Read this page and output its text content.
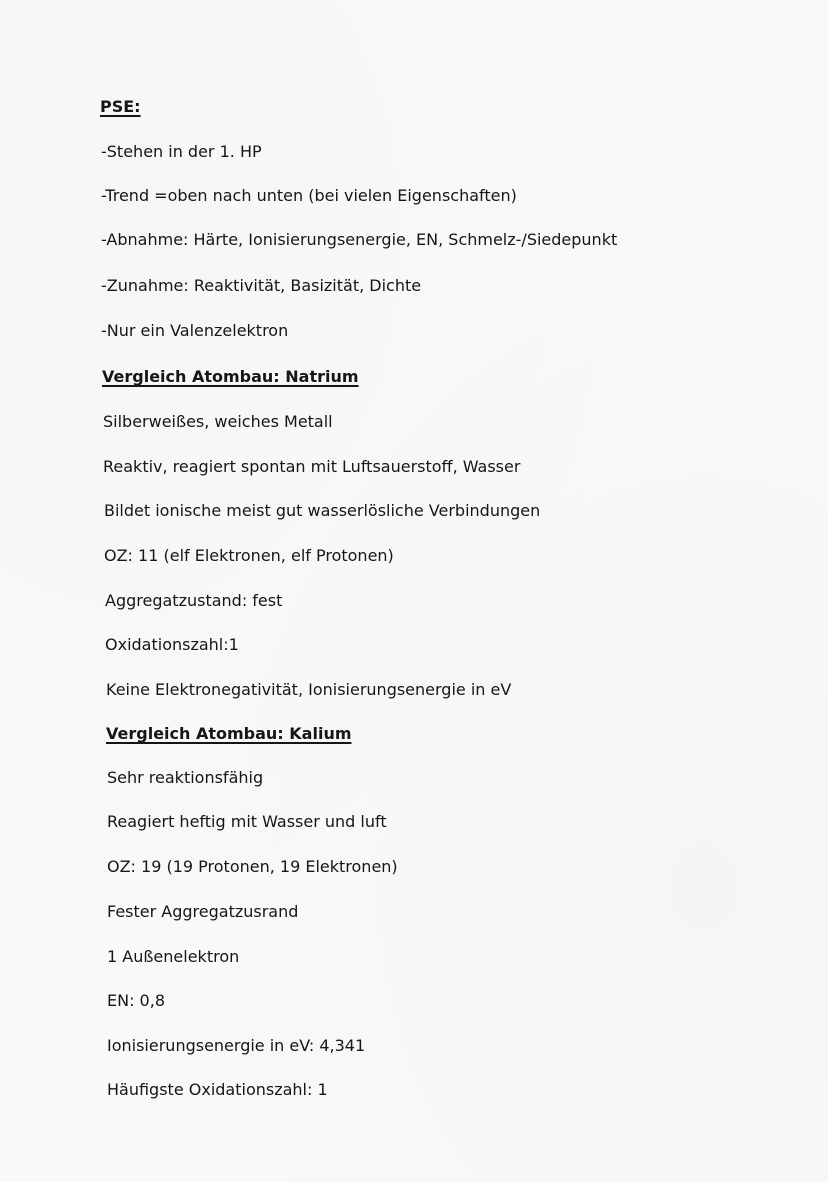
PSE:
-Stehen in der 1. HP
-Trend =oben nach unten (bei vielen Eigenschaften)
-Abnahme: Härte, Ionisierungsenergie, EN, Schmelz-/Siedepunkt
-Zunahme: Reaktivität, Basizität, Dichte
-Nur ein Valenzelektron
Vergleich Atombau: Natrium
Silberweißes, weiches Metall
Reaktiv, reagiert spontan mit Luftsauerstoff, Wasser
Bildet ionische meist gut wasserlösliche Verbindungen
OZ: 11 (elf Elektronen, elf Protonen)
Aggregatzustand: fest
Oxidationszahl:1
Keine Elektronegativität, Ionisierungsenergie in eV
Vergleich Atombau: Kalium
Sehr reaktionsfähig
Reagiert heftig mit Wasser und luft
OZ: 19 (19 Protonen, 19 Elektronen)
Fester Aggregatzusrand
1 Außenelektron
EN: 0,8
Ionisierungsenergie in eV: 4,341
Häufigste Oxidationszahl: 1
